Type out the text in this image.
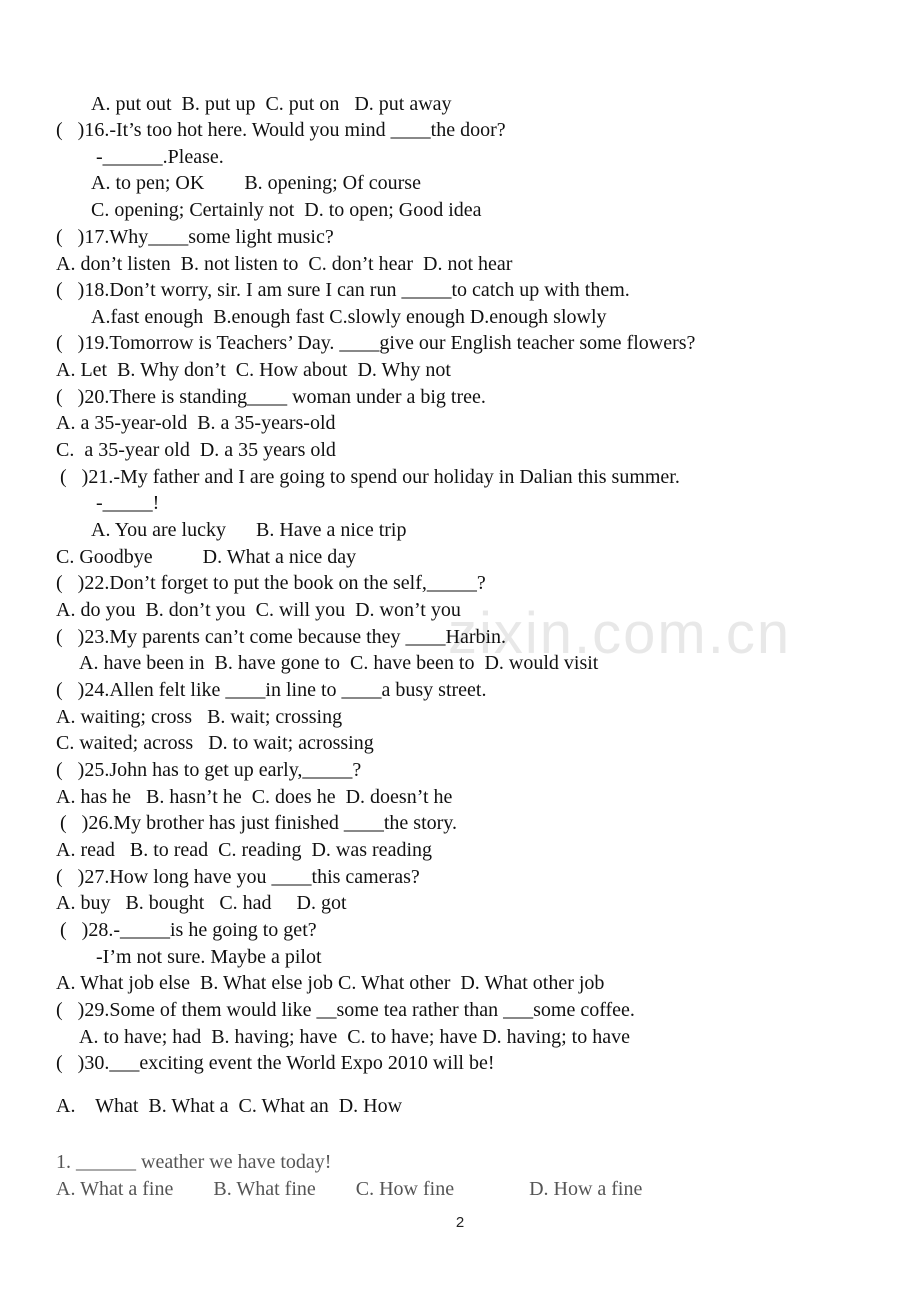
zixin.com.cn
A. put out  B. put up  C. put on   D. put away
(   )16.-It’s too hot here. Would you mind ____the door?
-______.Please.
A. to pen; OK        B. opening; Of course
C. opening; Certainly not  D. to open; Good idea
(   )17.Why____some light music?
A. don’t listen  B. not listen to  C. don’t hear  D. not hear
(   )18.Don’t worry, sir. I am sure I can run _____to catch up with them.
A.fast enough  B.enough fast C.slowly enough D.enough slowly
(   )19.Tomorrow is Teachers’ Day. ____give our English teacher some flowers?
A. Let  B. Why don’t  C. How about  D. Why not
(   )20.There is standing____ woman under a big tree.
A. a 35-year-old  B. a 35-years-old
C.  a 35-year old  D. a 35 years old
(   )21.-My father and I are going to spend our holiday in Dalian this summer.
-_____!
A. You are lucky      B. Have a nice trip
C. Goodbye          D. What a nice day
(   )22.Don’t forget to put the book on the self,_____?
A. do you  B. don’t you  C. will you  D. won’t you
(   )23.My parents can’t come because they ____Harbin.
A. have been in  B. have gone to  C. have been to  D. would visit
(   )24.Allen felt like ____in line to ____a busy street.
A. waiting; cross   B. wait; crossing
C. waited; across   D. to wait; acrossing
(   )25.John has to get up early,_____?
A. has he   B. hasn’t he  C. does he  D. doesn’t he
(   )26.My brother has just finished ____the story.
A. read   B. to read  C. reading  D. was reading
(   )27.How long have you ____this cameras?
A. buy   B. bought   C. had     D. got
(   )28.-_____is he going to get?
-I’m not sure. Maybe a pilot
A. What job else  B. What else job C. What other  D. What other job
(   )29.Some of them would like __some tea rather than ___some coffee.
A. to have; had  B. having; have  C. to have; have D. having; to have
(   )30.___exciting event the World Expo 2010 will be!
A.    What  B. What a  C. What an  D. How
1. ______ weather we have today!
A. What a fine        B. What fine        C. How fine               D. How a fine
2
